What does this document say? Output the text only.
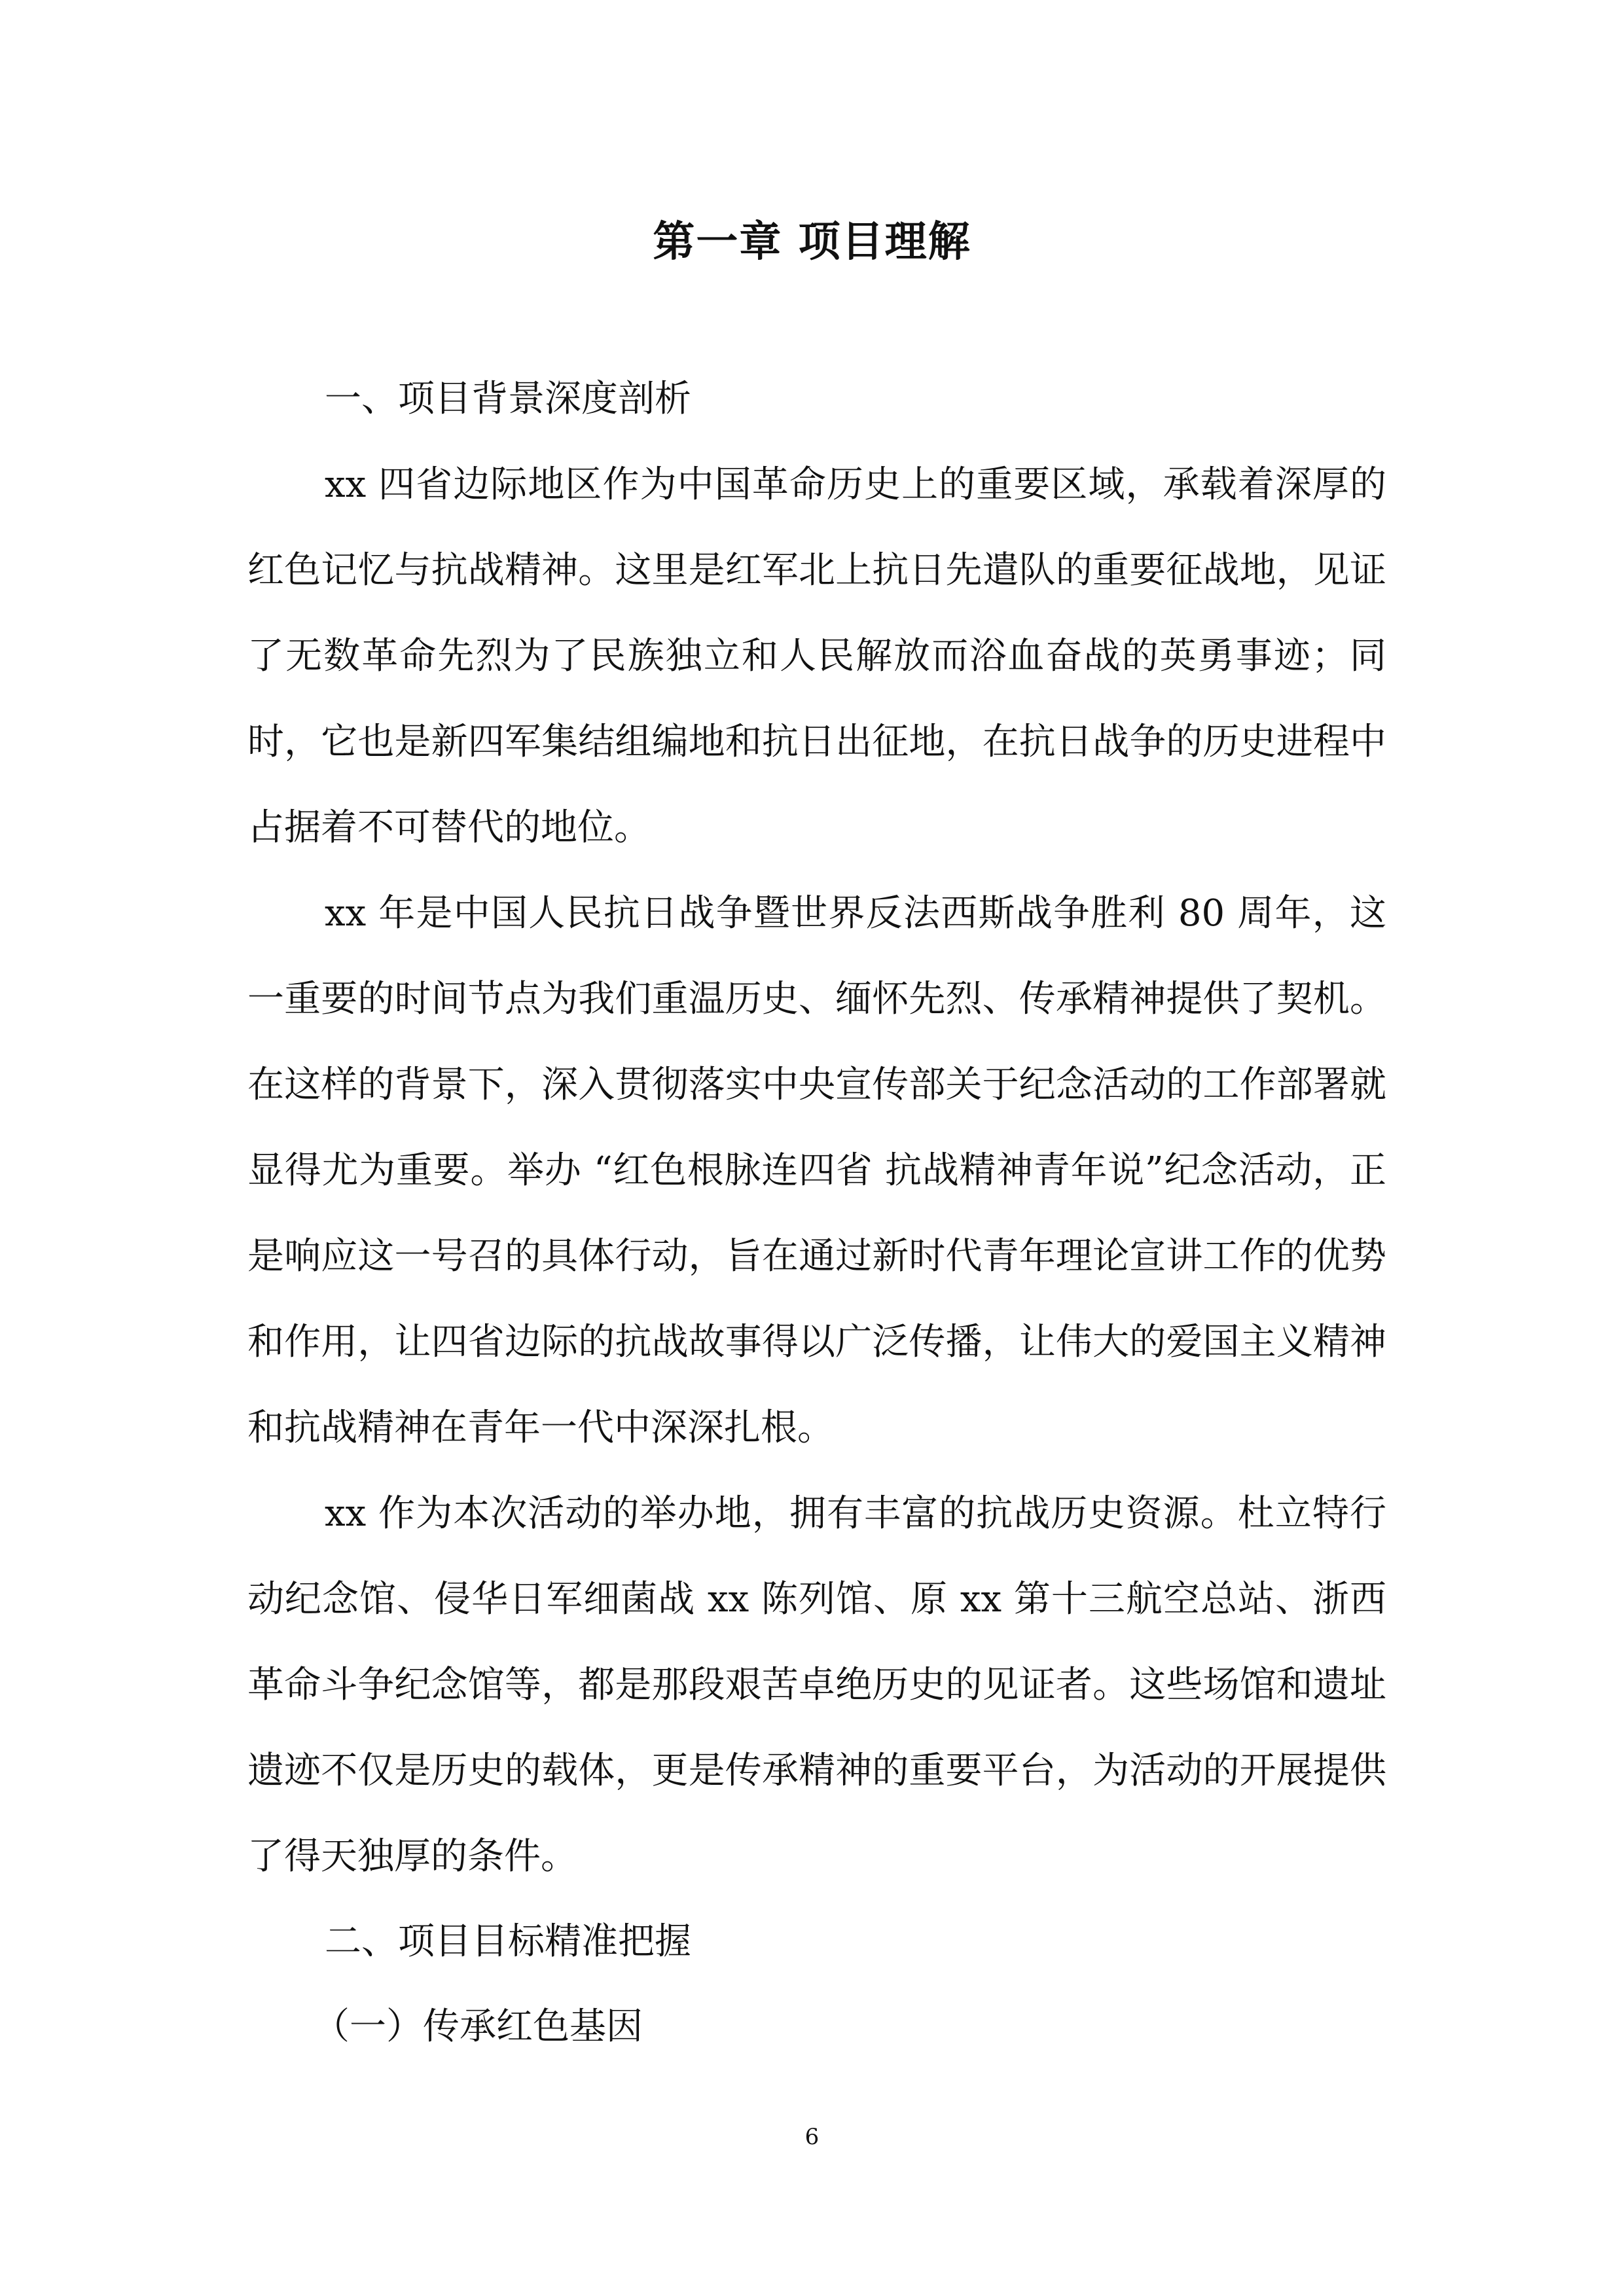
第一章 项目理解

一、项目背景深度剖析

xx 四省边际地区作为中国革命历史上的重要区域，承载着深厚的红色记忆与抗战精神。这里是红军北上抗日先遣队的重要征战地，见证了无数革命先烈为了民族独立和人民解放而浴血奋战的英勇事迹；同时，它也是新四军集结组编地和抗日出征地，在抗日战争的历史进程中占据着不可替代的地位。

xx 年是中国人民抗日战争暨世界反法西斯战争胜利 80 周年，这一重要的时间节点为我们重温历史、缅怀先烈、传承精神提供了契机。在这样的背景下，深入贯彻落实中央宣传部关于纪念活动的工作部署就显得尤为重要。举办 “红色根脉连四省 抗战精神青年说”纪念活动，正是响应这一号召的具体行动，旨在通过新时代青年理论宣讲工作的优势和作用，让四省边际的抗战故事得以广泛传播，让伟大的爱国主义精神和抗战精神在青年一代中深深扎根。

xx 作为本次活动的举办地，拥有丰富的抗战历史资源。杜立特行动纪念馆、侵华日军细菌战 xx 陈列馆、原 xx 第十三航空总站、浙西革命斗争纪念馆等，都是那段艰苦卓绝历史的见证者。这些场馆和遗址遗迹不仅是历史的载体，更是传承精神的重要平台，为活动的开展提供了得天独厚的条件。

二、项目目标精准把握

（一）传承红色基因

6
